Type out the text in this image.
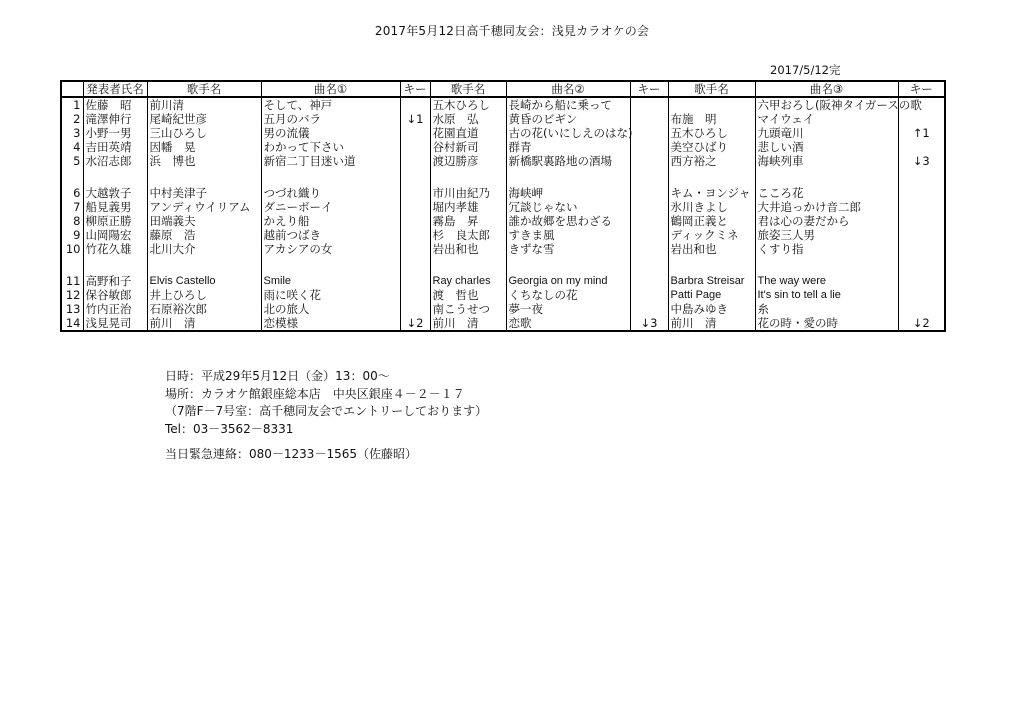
2017年5月12日高千穂同友会：浅見カラオケの会
2017/5/12完
	発表者氏名	歌手名	曲名①	キー	歌手名	曲名②	キー	歌手名	曲名③	キー
1	佐藤　昭	前川清	そして、神戸		五木ひろし	長崎から船に乗って			六甲おろし(阪神タイガースの歌	
2	滝澤伸行	尾崎紀世彦	五月のバラ	↓1	水原　弘	黄昏のビギン		布施　明	マイウェイ	
3	小野一男	三山ひろし	男の流儀		花園直道	古の花(いにしえのはな)		五木ひろし	九頭竜川	↑1
4	吉田英靖	因幡　晃	わかって下さい		谷村新司	群青		美空ひばり	悲しい酒	
5	水沼志郎	浜　博也	新宿二丁目迷い道		渡辺勝彦	新橋駅裏路地の酒場		西方裕之	海峡列車	↓3

6	大越敦子	中村美津子	つづれ織り		市川由紀乃	海峡岬		キム・ヨンジャ	こころ花	
7	船見義男	アンディウイリアム	ダニーボーイ		堀内孝雄	冗談じゃない		氷川きよし	大井追っかけ音二郎	
8	柳原正勝	田端義夫	かえり船		霧島　昇	誰か故郷を思わざる		鶴岡正義と	君は心の妻だから	
9	山岡陽宏	藤原　浩	越前つばき		杉　良太郎	すきま風		ディックミネ	旅姿三人男	
10	竹花久雄	北川大介	アカシアの女		岩出和也	きずな雪		岩出和也	くすり指	

11	高野和子	Elvis Castello	Smile		Ray charles	Georgia on my mind		Barbra Streisar	The way were	
12	保谷敏郎	井上ひろし	雨に咲く花		渡　哲也	くちなしの花		Patti Page	It's sin to tell a lie	
13	竹内正治	石原裕次郎	北の旅人		南こうせつ	夢一夜		中島みゆき	糸	
14	浅見晃司	前川　清	恋模様	↓2	前川　清	恋歌	↓3	前川　清	花の時・愛の時	↓2
日時：平成29年5月12日（金）13：00～
場所：カラオケ館銀座総本店　中央区銀座４－２－１７
（7階F－7号室：高千穂同友会でエントリーしております）
Tel：03－3562－8331
当日緊急連絡：080－1233－1565（佐藤昭）
